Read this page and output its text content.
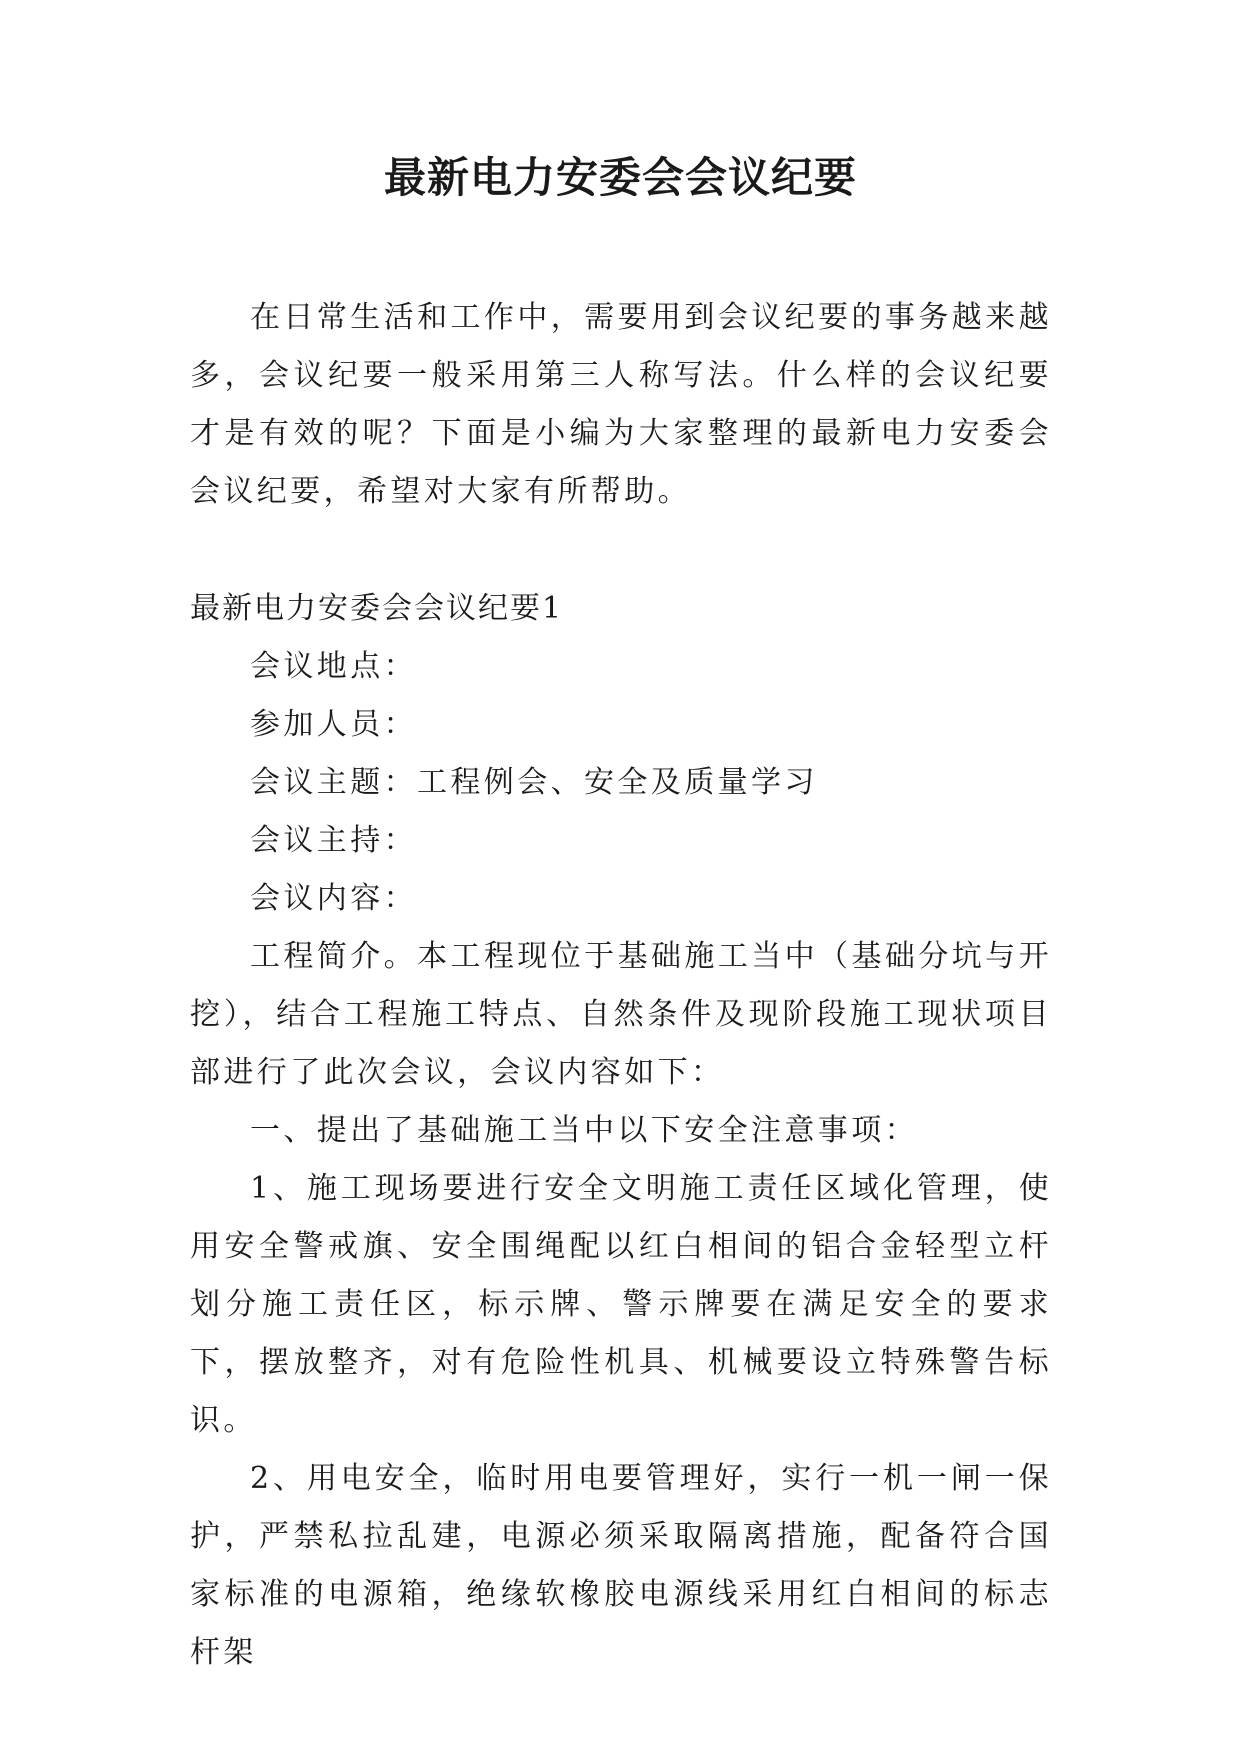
最新电力安委会会议纪要

在日常生活和工作中，需要用到会议纪要的事务越来越多，会议纪要一般采用第三人称写法。什么样的会议纪要才是有效的呢？下面是小编为大家整理的最新电力安委会会议纪要，希望对大家有所帮助。

最新电力安委会会议纪要1

会议地点：

参加人员：

会议主题：工程例会、安全及质量学习

会议主持：

会议内容：

工程简介。本工程现位于基础施工当中（基础分坑与开挖），结合工程施工特点、自然条件及现阶段施工现状项目部进行了此次会议，会议内容如下：

一、提出了基础施工当中以下安全注意事项：

1、施工现场要进行安全文明施工责任区域化管理，使用安全警戒旗、安全围绳配以红白相间的铝合金轻型立杆划分施工责任区，标示牌、警示牌要在满足安全的要求下，摆放整齐，对有危险性机具、机械要设立特殊警告标识。

2、用电安全，临时用电要管理好，实行一机一闸一保护，严禁私拉乱建，电源必须采取隔离措施，配备符合国家标准的电源箱，绝缘软橡胶电源线采用红白相间的标志杆架
